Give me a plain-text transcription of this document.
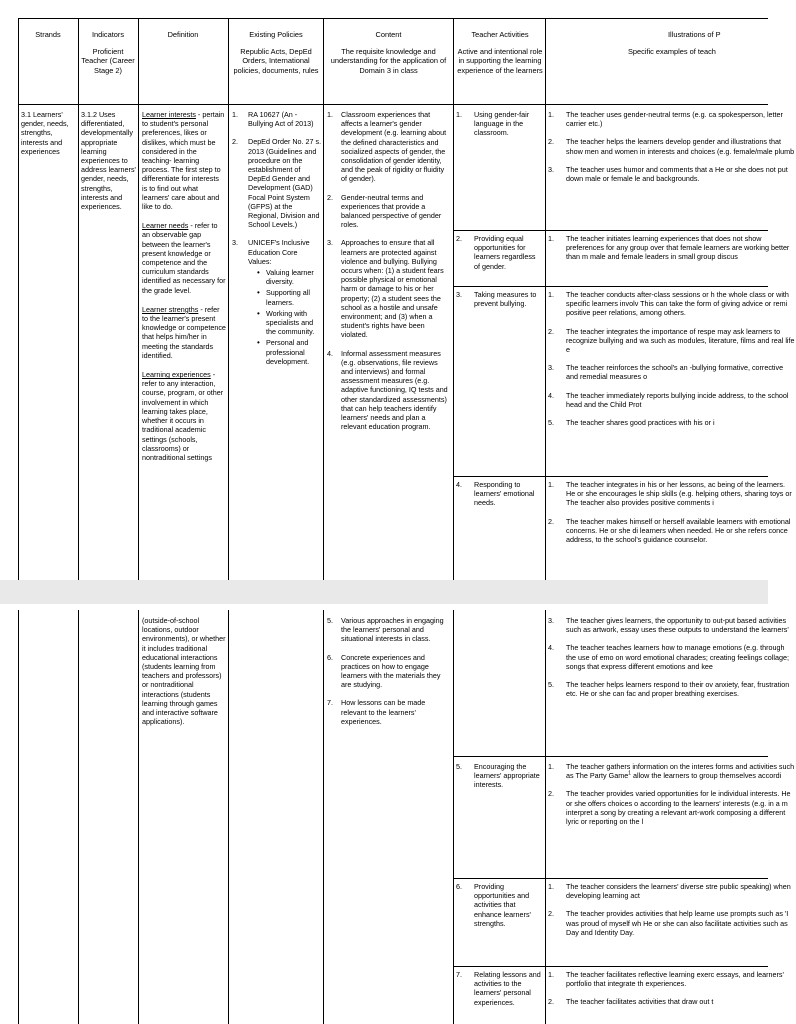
Strands	Indicators

Proficient Teacher (Career Stage 2)

Definition	Existing Policies

Republic Acts, DepEd Orders, International policies, documents, rules

Content

The requisite knowledge and understanding for the application of Domain 3 in class

Teacher Activities

Active and intentional role in supporting the learning experience of the learners

Illustrations of P

Specific examples of teach

3.1 Learners' gender, needs, strengths, interests and experiences
3.1.2 Uses differentiated, developmentally appropriate learning experiences to address learners' gender, needs, strengths, interests and experiences.
Learner interests - pertain to student's personal preferences, likes or dislikes, which must be considered in the teaching- learning process. The first step to differentiate for interests is to find out what learners' care about and like to do.
Learner needs - refer to an observable gap between the learner's present knowledge or competence and the curriculum standards identified as necessary for the grade level.
Learner strengths - refer to the learner's present knowledge or competence that helps him/her in meeting the standards identified.
Learning experiences - refer to any interaction, course, program, or other involvement in which learning takes place, whether it occurs in traditional academic settings (schools, classrooms) or nontraditional settings
1. RA 10627 (An - Bullying Act of 2013)
2. DepEd Order No. 27 s. 2013 (Guidelines and procedure on the establishment of DepEd Gender and Development (GAD) Focal Point System (GFPS) at the Regional, Division and School Levels.)
3. UNICEF's Inclusive Education Core Values:
• Valuing learner diversity.
• Supporting all learners.
• Working with specialists and the community.
• Personal and professional development.
1. Classroom experiences that affects a learner's gender development (e.g. learning about the defined characteristics and socialized aspects of gender, the consolidation of gender identity, and the peak of rigidity or fluidity of gender).
2. Gender-neutral terms and experiences that provide a balanced perspective of gender roles.
3. Approaches to ensure that all learners are protected against violence and bullying. Bullying occurs when: (1) a student fears possible physical or emotional harm or damage to his or her property; (2) a student sees the school as a hostile and unsafe environment; and (3) when a student's rights have been violated.
4. Informal assessment measures (e.g. observations, file reviews and interviews) and formal assessment measures (e.g. adaptive functioning, IQ tests and other standardized assessments) that can help teachers identify learners' needs and plan a relevant education program.
1. Using gender-fair language in the classroom.
2. Providing equal opportunities for learners regardless of gender.
3. Taking measures to prevent bullying.
4. Responding to learners' emotional needs.
1. The teacher uses gender-neutral terms (e.g. ca spokesperson, letter carrier etc.)
2. The teacher helps the learners develop gender and illustrations that show men and women in interests and choices (e.g. female/male plumb
3. The teacher uses humor and comments that a He or she does not put down male or female le and backgrounds.
1. The teacher initiates learning experiences that does not show preferences for any group over that female learners are working better than m male and female leaders in small group discus
1. The teacher conducts after-class sessions or h the whole class or with specific learners involv This can take the form of giving advice or remi positive peer relations, among others.
2. The teacher integrates the importance of respe may ask learners to recognize bullying and wa such as modules, literature, films and real life e
3. The teacher reinforces the school's an -bullying formative, corrective and remedial measures o
4. The teacher immediately reports bullying incide address, to the school head and the Child Prot
5. The teacher shares good practices with his or i
1. The teacher integrates in his or her lessons, ac being of the learners. He or she encourages le ship skills (e.g. helping others, sharing toys or The teacher also provides positive comments i
2. The teacher makes himself or herself available learners with emotional concerns. He or she di learners when needed. He or she refers conce address, to the school's guidance counselor.
(outside-of-school locations, outdoor environments), or whether it includes traditional educational interactions (students learning from teachers and professors) or nontraditional interactions (students learning through games and interactive software applications).
5. Various approaches in engaging the learners' personal and situational interests in class.
6. Concrete experiences and practices on how to engage learners with the materials they are studying.
7. How lessons can be made relevant to the learners' experiences.
5. Encouraging the learners' appropriate interests.
6. Providing opportunities and activities that enhance learners' strengths.
7. Relating lessons and activities to the learners' personal experiences.
3. The teacher gives learners, the opportunity to out-put based activities such as artwork, essay uses these outputs to understand the learners'
4. The teacher teaches learners how to manage emotions (e.g. through the use of emo on word emotional charades; creating feelings collage; songs that express different emotions and kee
5. The teacher helps learners respond to their ov anxiety, fear, frustration etc. He or she can fac and proper breathing exercises.
1. The teacher gathers information on the interes forms and activities such as The Party Game$^1$ allow the learners to group themselves accordi
2. The teacher provides varied opportunities for le individual interests. He or she offers choices o according to the learners' interests (e.g. in a m interpret a song by creating a relevant art-work composing a different lyric or reporting on the l
1. The teacher considers the learners' diverse stre public speaking) when developing learning act
2. The teacher provides activities that help learne use prompts such as 'I was proud of myself wh He or she can also facilitate activities such as Day and Identity Day.
1. The teacher facilitates reflective learning exerc essays, and learners' portfolio that integrate th experiences.
2. The teacher facilitates activities that draw out t
